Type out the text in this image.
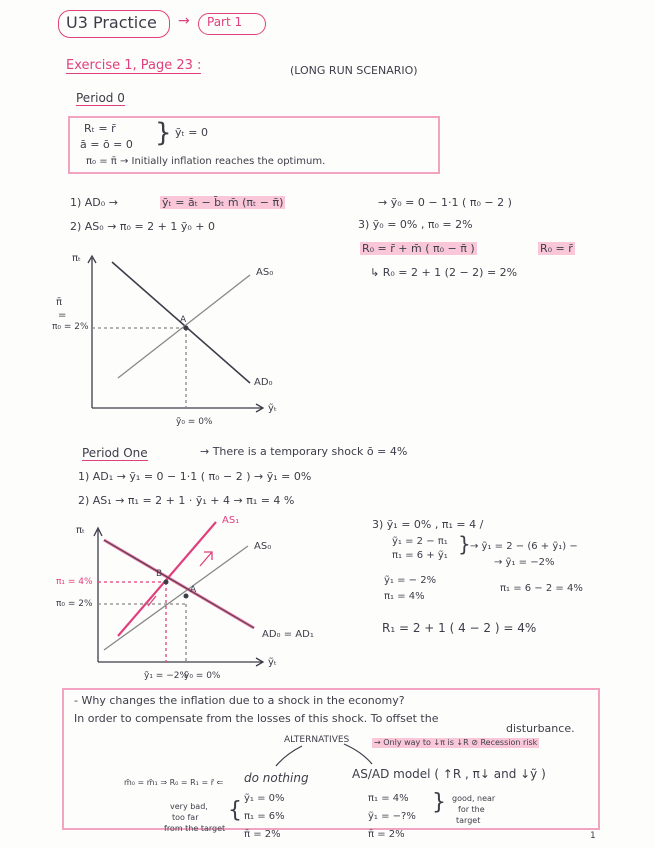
U3 Practice → Part 1
Exercise 1, Page 23 :	(LONG RUN SCENARIO)
Period 0
Rₜ = r̄
ā = ō = 0 } ỹₜ = 0
π₀ = π̄ → Initially inflation reaches the optimum.
1) AD₀ →	ỹₜ = āₜ − b̄ₜ m̄ (πₜ − π̄)	→ ỹ₀ = 0 − 1·1 ( π₀ − 2 )
2) AS₀ → π₀ = 2 + 1 ỹ₀ + 0	3) ỹ₀ = 0% , π₀ = 2%
R₀ = r̄ + m̄ ( π₀ − π̄ )	R₀ = r̄
↳ R₀ = 2 + 1 (2 − 2) = 2%
πₜ
ỹₜ
π̄
=
π₀ = 2%
AS₀
AD₀
A
ỹ₀ = 0%
Period One	→ There is a temporary shock ō = 4%
1) AD₁ → ỹ₁ = 0 − 1·1 ( π₀ − 2 ) → ỹ₁ = 0%
2) AS₁ → π₁ = 2 + 1 · ỹ₁ + 4 → π₁ = 4 %
3) ỹ₁ = 0% , π₁ = 4 /
ỹ₁ = 2 − π₁
π₁ = 6 + ỹ₁ } → ỹ₁ = 2 − (6 + ỹ₁) −
→ ỹ₁ = −2%
ỹ₁ = − 2%
π₁ = 4%
π₁ = 6 − 2 = 4%
R₁ = 2 + 1 ( 4 − 2 ) = 4%
πₜ
ỹₜ
AS₁
AS₀
π₁ = 4%
π₀ = 2%
AD₀ = AD₁
A
B
ỹ₁ = −2%
ỹ₀ = 0%
- Why changes the inflation due to a shock in the economy?
In order to compensate from the losses of this shock. To offset the
disturbance.
ALTERNATIVES	→ Only way to ↓π is ↓R ⊘ Recession risk
m̄₀ = m̄₁ ⇒ R₀ = R₁ = r̄ ⇐ do nothing
very bad,
too far
from the target
{ ỹ₁ = 0%
π₁ = 6%
π̄ = 2%
AS/AD model ( ↑R , π↓ and ↓ỹ )
π₁ = 4%
ỹ₁ = −?%
π̄ = 2%
} good, near
for the
target
1
